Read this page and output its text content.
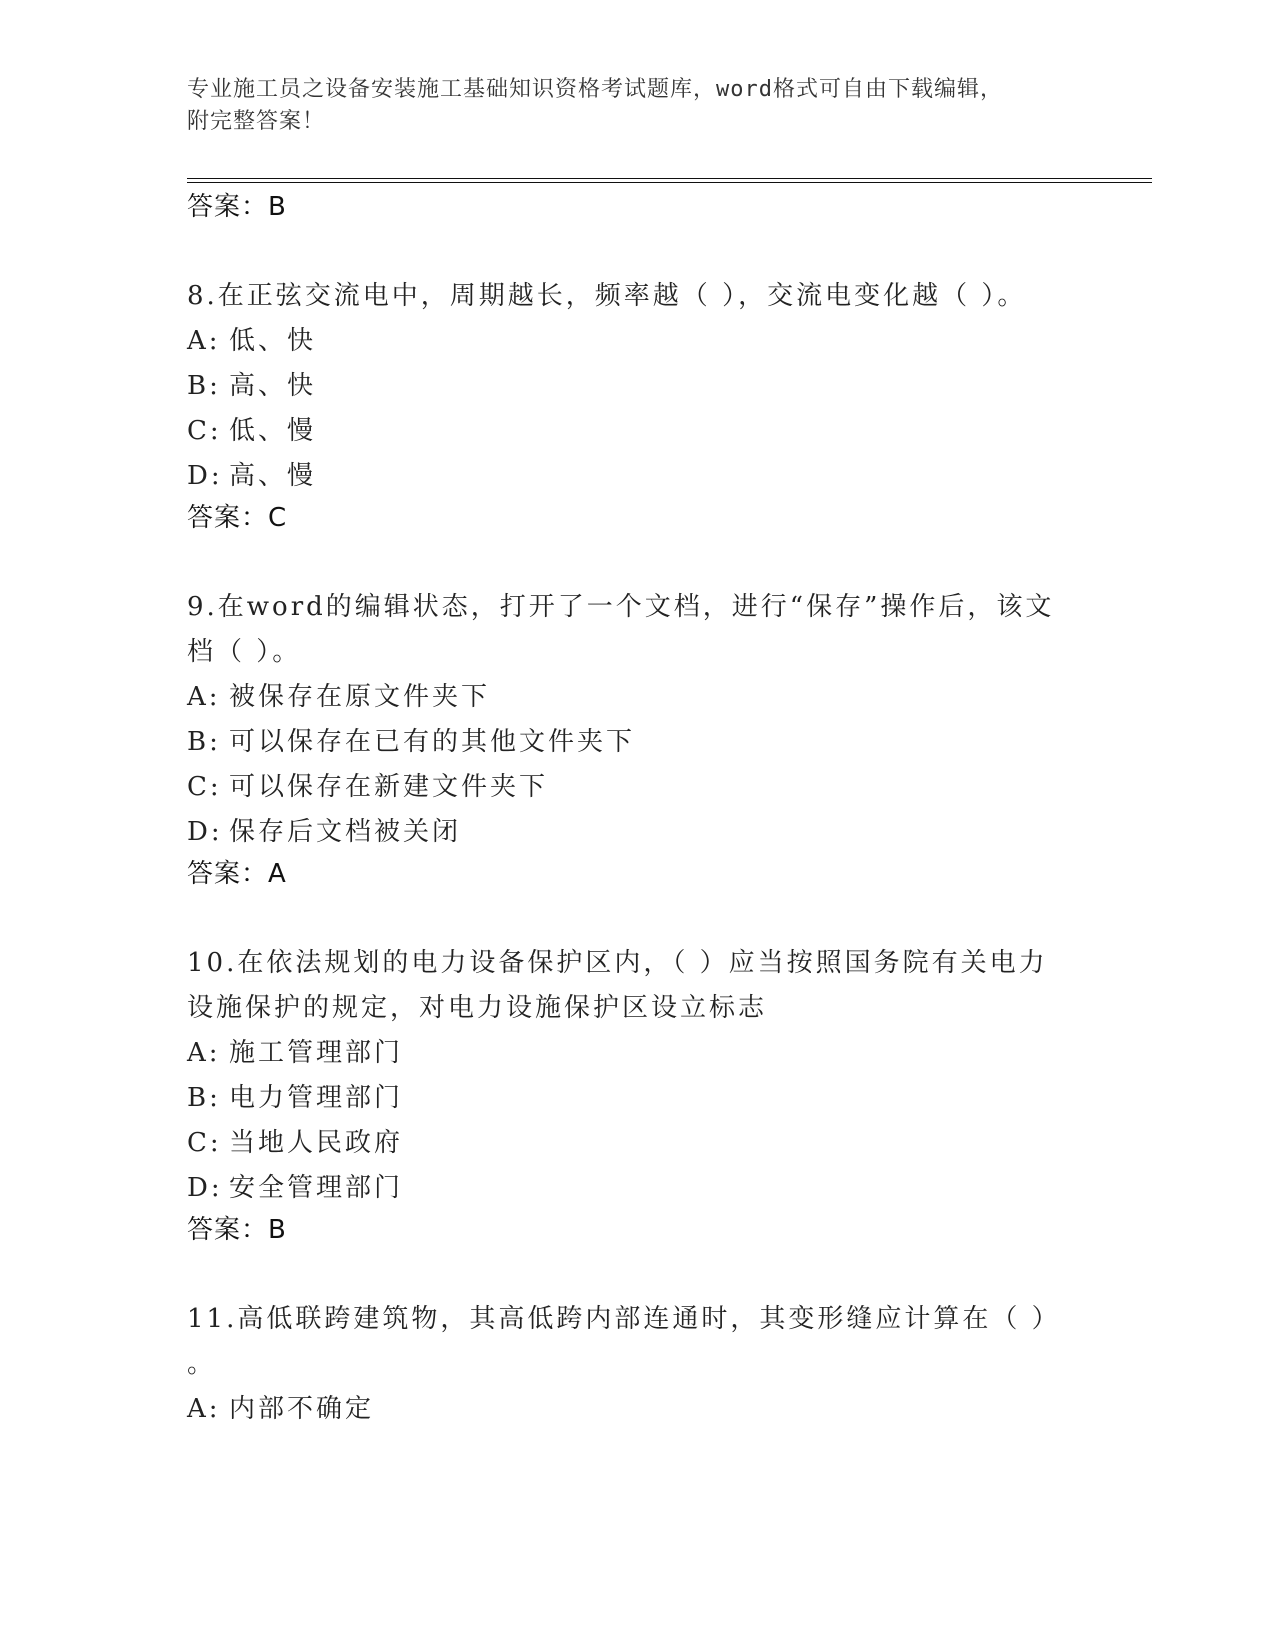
专业施工员之设备安装施工基础知识资格考试题库，word格式可自由下载编辑，
附完整答案！

答案：B

8.在正弦交流电中，周期越长，频率越（ ），交流电变化越（ ）。

A: 低、快

B: 高、快

C: 低、慢

D: 高、慢

答案：C

9.在word的编辑状态，打开了一个文档，进行“保存”操作后，该文

档（ ）。

A: 被保存在原文件夹下

B: 可以保存在已有的其他文件夹下

C: 可以保存在新建文件夹下

D: 保存后文档被关闭

答案：A

10.在依法规划的电力设备保护区内，（ ）应当按照国务院有关电力

设施保护的规定，对电力设施保护区设立标志

A: 施工管理部门

B: 电力管理部门

C: 当地人民政府

D: 安全管理部门

答案：B

11.高低联跨建筑物，其高低跨内部连通时，其变形缝应计算在（ ）

。

A: 内部不确定
